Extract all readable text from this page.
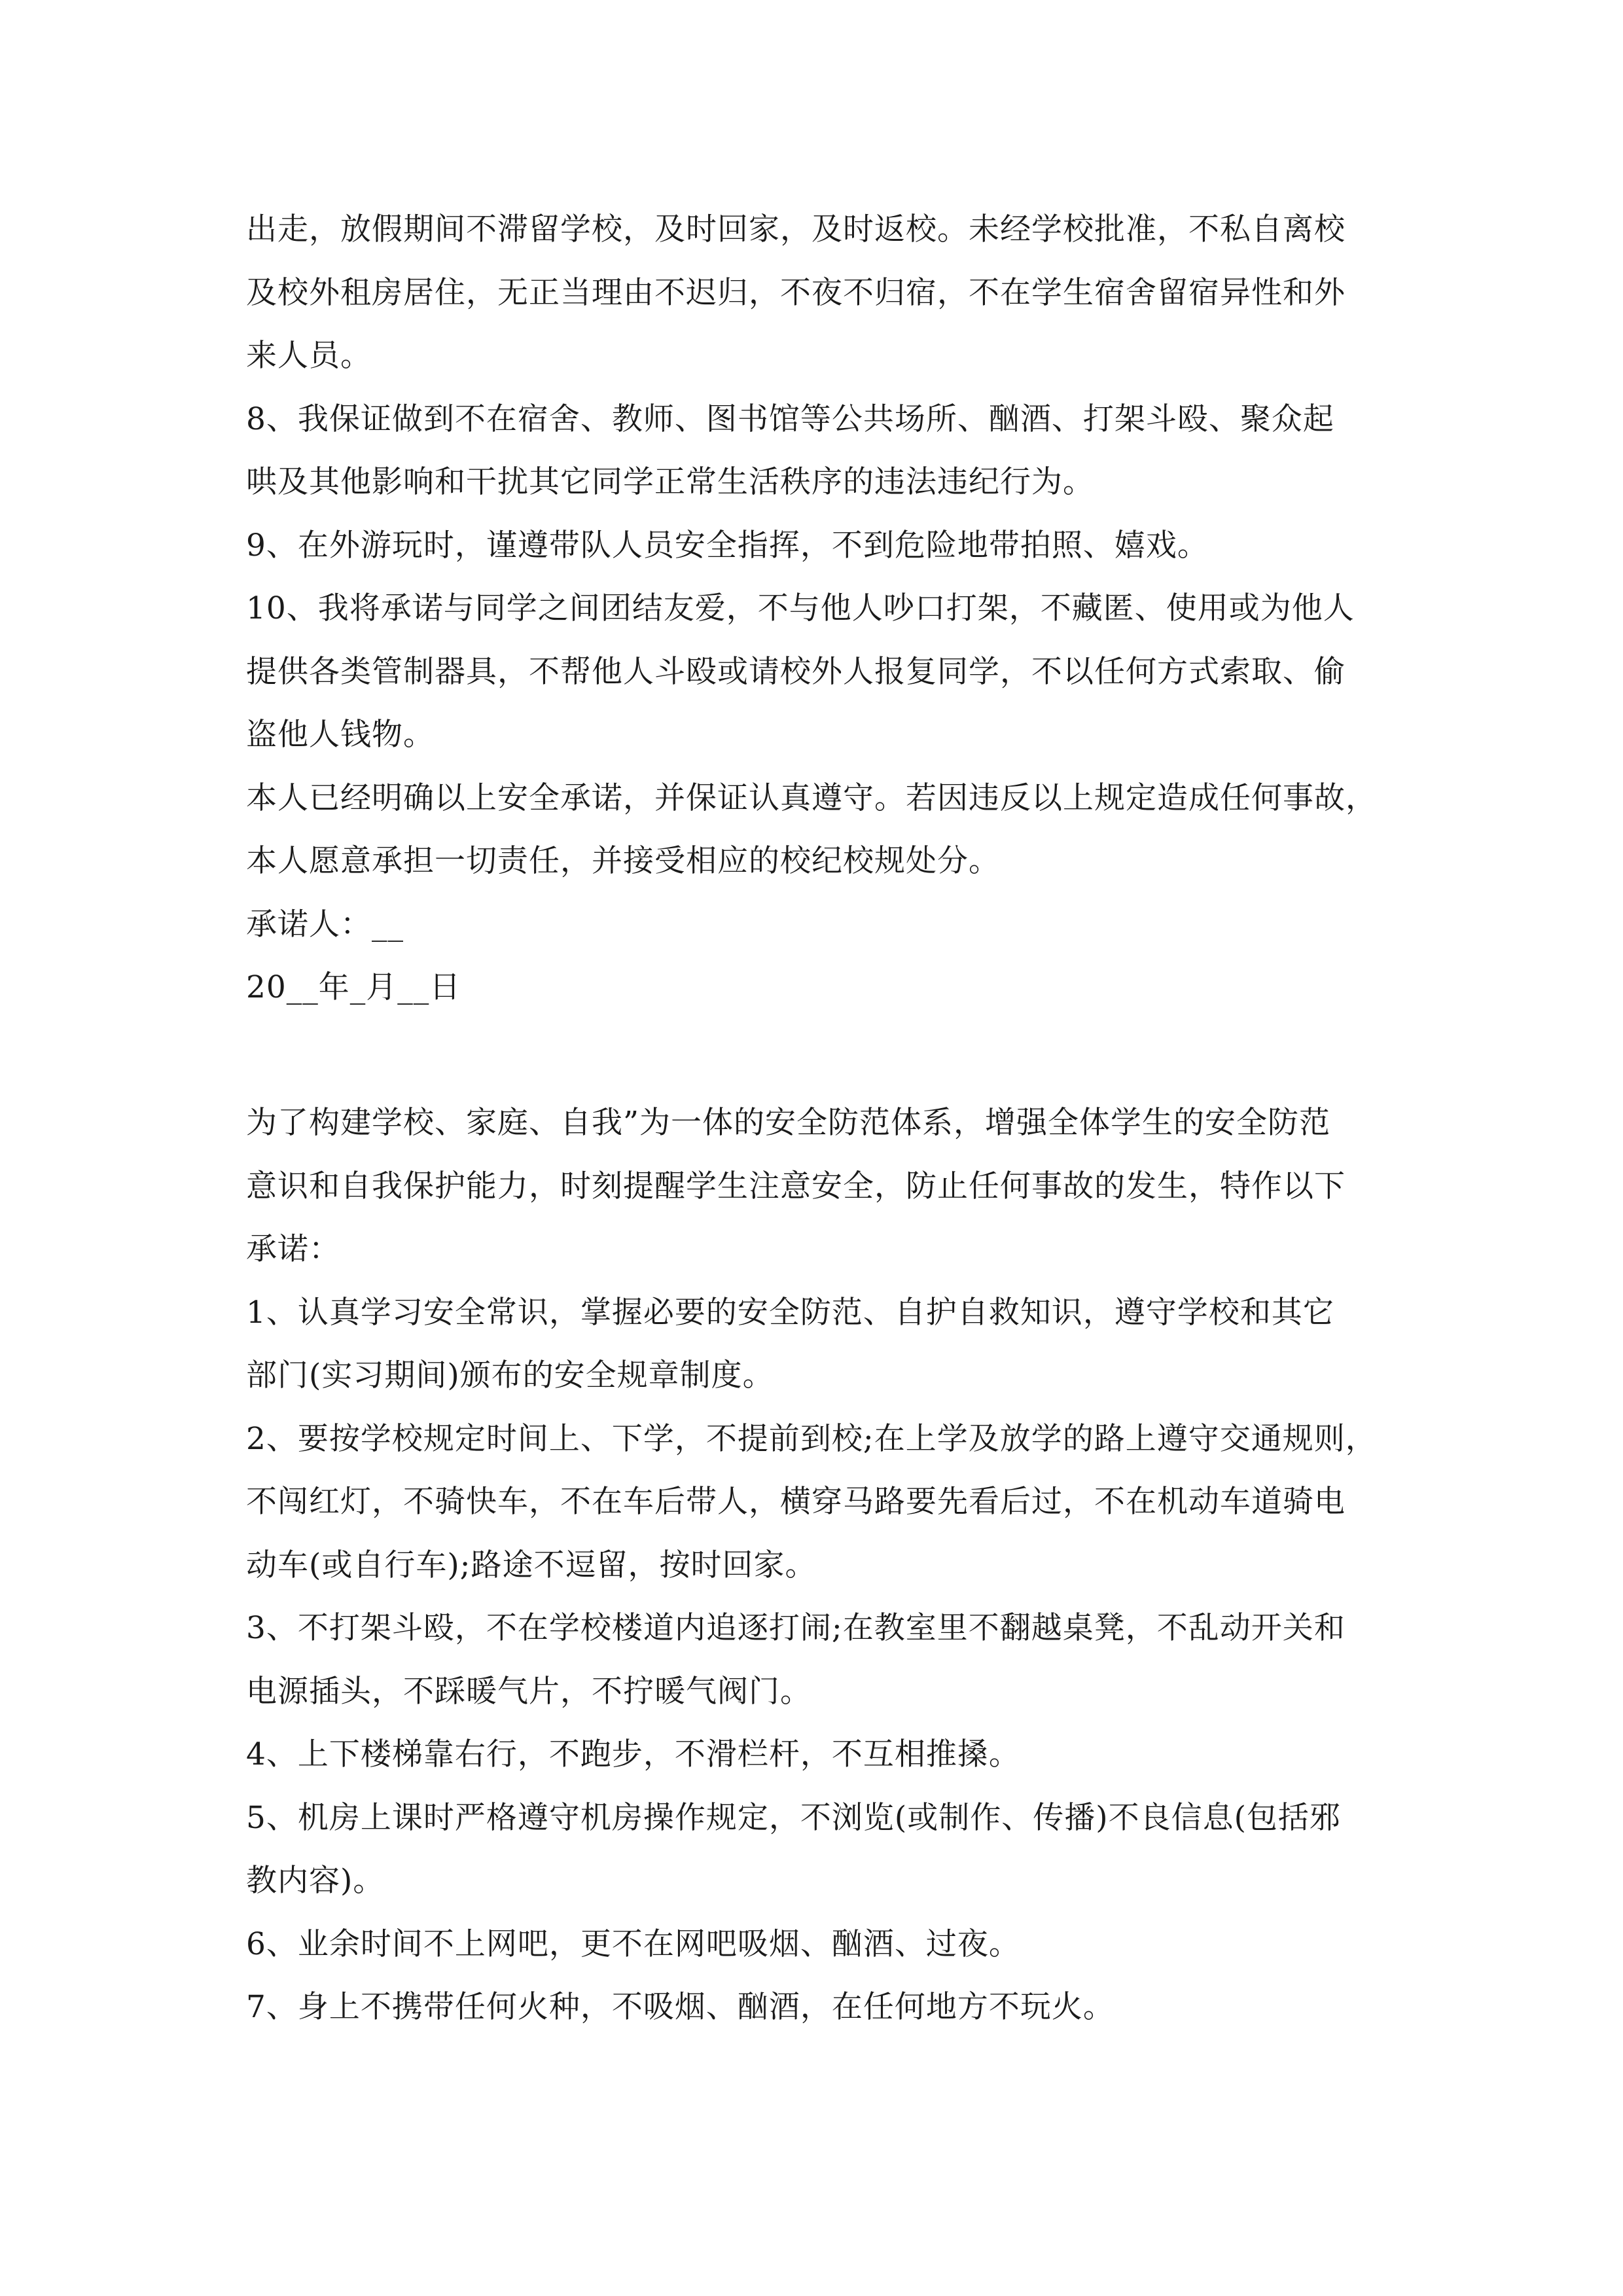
出走，放假期间不滞留学校，及时回家，及时返校。未经学校批准，不私自离校

及校外租房居住，无正当理由不迟归，不夜不归宿，不在学生宿舍留宿异性和外

来人员。

8、我保证做到不在宿舍、教师、图书馆等公共场所、酗酒、打架斗殴、聚众起

哄及其他影响和干扰其它同学正常生活秩序的违法违纪行为。

9、在外游玩时，谨遵带队人员安全指挥，不到危险地带拍照、嬉戏。

10、我将承诺与同学之间团结友爱，不与他人吵口打架，不藏匿、使用或为他人

提供各类管制器具，不帮他人斗殴或请校外人报复同学，不以任何方式索取、偷

盗他人钱物。

本人已经明确以上安全承诺，并保证认真遵守。若因违反以上规定造成任何事故，

本人愿意承担一切责任，并接受相应的校纪校规处分。

承诺人：__

20__年_月__日

为了构建学校、家庭、自我”为一体的安全防范体系，增强全体学生的安全防范

意识和自我保护能力，时刻提醒学生注意安全，防止任何事故的发生，特作以下

承诺：

1、认真学习安全常识，掌握必要的安全防范、自护自救知识，遵守学校和其它

部门(实习期间)颁布的安全规章制度。

2、要按学校规定时间上、下学，不提前到校;在上学及放学的路上遵守交通规则，

不闯红灯，不骑快车，不在车后带人，横穿马路要先看后过，不在机动车道骑电

动车(或自行车);路途不逗留，按时回家。

3、不打架斗殴，不在学校楼道内追逐打闹;在教室里不翻越桌凳，不乱动开关和

电源插头，不踩暖气片，不拧暖气阀门。

4、上下楼梯靠右行，不跑步，不滑栏杆，不互相推搡。

5、机房上课时严格遵守机房操作规定，不浏览(或制作、传播)不良信息(包括邪

教内容)。

6、业余时间不上网吧，更不在网吧吸烟、酗酒、过夜。

7、身上不携带任何火种，不吸烟、酗酒，在任何地方不玩火。
